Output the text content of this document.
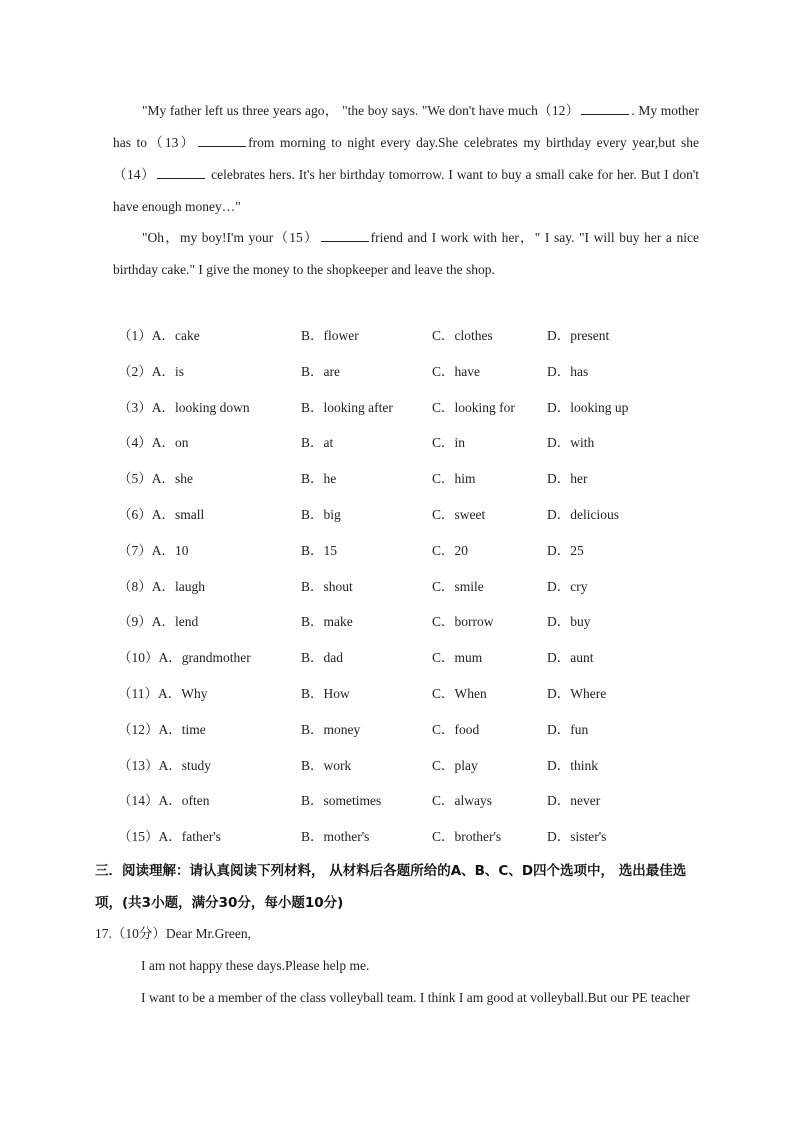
"My father left us three years ago， "the boy says. "We don't have much（12）	. My mother has to（13）	from morning to night every day.She celebrates my birthday every year,but she （14）	celebrates hers. It's her birthday tomorrow. I want to buy a small cake for her. But I don't have enough money…"
"Oh，my boy!I'm your（15）	friend and I work with her，" I say. "I will buy her a nice birthday cake." I give the money to the shopkeeper and leave the shop.
（1）A．cake	B．flower	C．clothes	D．present
（2）A．is	B．are	C．have	D．has
（3）A．looking down	B．looking after	C．looking for D．looking up
（4）A．on	B．at	C．in	D．with
（5）A．she	B．he	C．him	D．her
（6）A．small	B．big	C．sweet	D．delicious
（7）A．10	B．15	C．20	D．25
（8）A．laugh	B．shout	C．smile	D．cry
（9）A．lend	B．make	C．borrow	D．buy
（10）A．grandmother	B．dad	C．mum	D．aunt
（11）A．Why	B．How	C．When	D．Where
（12）A．time	B．money	C．food	D．fun
（13）A．study	B．work	C．play	D．think
（14）A．often	B．sometimes	C．always	D．never
（15）A．father's	B．mother's	C．brother's	D．sister's
三．阅读理解：请认真阅读下列材料， 从材料后各题所给的A、B、C、D四个选项中， 选出最佳选项，(共3小题，满分30分，每小题10分)
17.（10分）Dear Mr.Green,
I am not happy these days.Please help me.
I want to be a member of the class volleyball team. I think I am good at volleyball.But our PE teacher
